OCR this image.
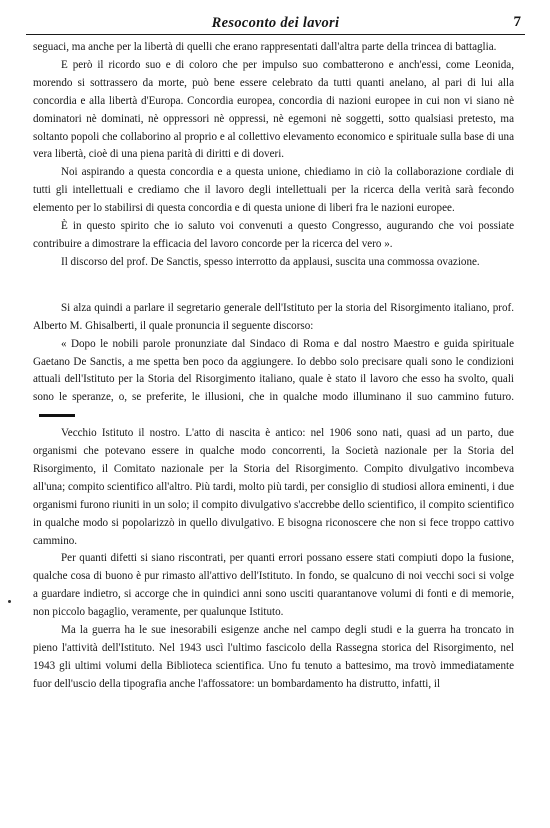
Resoconto dei lavori	7

seguaci, ma anche per la libertà di quelli che erano rappresentati dall'altra parte della trincea di battaglia.

E però il ricordo suo e di coloro che per impulso suo combatterono e anch'essi, come Leonida, morendo si sottrassero da morte, può bene essere celebrato da tutti quanti anelano, al pari di lui alla concordia e alla libertà d'Europa. Concordia europea, concordia di nazioni europee in cui non vi siano nè dominatori nè dominati, nè oppressori nè oppressi, nè egemoni nè soggetti, sotto qualsiasi pretesto, ma soltanto popoli che collaborino al proprio e al collettivo elevamento economico e spirituale sulla base di una vera libertà, cioè di una piena parità di diritti e di doveri.

Noi aspirando a questa concordia e a questa unione, chiediamo in ciò la collaborazione cordiale di tutti gli intellettuali e crediamo che il lavoro degli intellettuali per la ricerca della verità sarà fecondo elemento per lo stabilirsi di questa concordia e di questa unione di liberi fra le nazioni europee.

È in questo spirito che io saluto voi convenuti a questo Congresso, augurando che voi possiate contribuire a dimostrare la efficacia del lavoro concorde per la ricerca del vero ».

Il discorso del prof. De Sanctis, spesso interrotto da applausi, suscita una commossa ovazione.

Si alza quindi a parlare il segretario generale dell'Istituto per la storia del Risorgimento italiano, prof. Alberto M. Ghisalberti, il quale pronuncia il seguente discorso:

« Dopo le nobili parole pronunziate dal Sindaco di Roma e dal nostro Maestro e guida spirituale Gaetano De Sanctis, a me spetta ben poco da aggiungere. Io debbo solo precisare quali sono le condizioni attuali dell'Istituto per la Storia del Risorgimento italiano, quale è stato il lavoro che esso ha svolto, quali sono le speranze, o, se preferite, le illusioni, che in qualche modo illuminano il suo cammino futuro.

Vecchio Istituto il nostro. L'atto di nascita è antico: nel 1906 sono nati, quasi ad un parto, due organismi che potevano essere in qualche modo concorrenti, la Società nazionale per la Storia del Risorgimento, il Comitato nazionale per la Storia del Risorgimento. Compito divulgativo incombeva all'una; compito scientifico all'altro. Più tardi, molto più tardi, per consiglio di studiosi allora eminenti, i due organismi furono riuniti in un solo; il compito divulgativo s'accrebbe dello scientifico, il compito scientifico in qualche modo si popolarizzò in quello divulgativo. E bisogna riconoscere che non si fece troppo cattivo cammino.

Per quanti difetti si siano riscontrati, per quanti errori possano essere stati compiuti dopo la fusione, qualche cosa di buono è pur rimasto all'attivo dell'Istituto. In fondo, se qualcuno di noi vecchi soci si volge a guardare indietro, si accorge che in quindici anni sono usciti quarantanove volumi di fonti e di memorie, non piccolo bagaglio, veramente, per qualunque Istituto.

Ma la guerra ha le sue inesorabili esigenze anche nel campo degli studi e la guerra ha troncato in pieno l'attività dell'Istituto. Nel 1943 uscì l'ultimo fascicolo della Rassegna storica del Risorgimento, nel 1943 gli ultimi volumi della Biblioteca scientifica. Uno fu tenuto a battesimo, ma trovò immediatamente fuor dell'uscio della tipografia anche l'affossatore: un bombardamento ha distrutto, infatti, il
